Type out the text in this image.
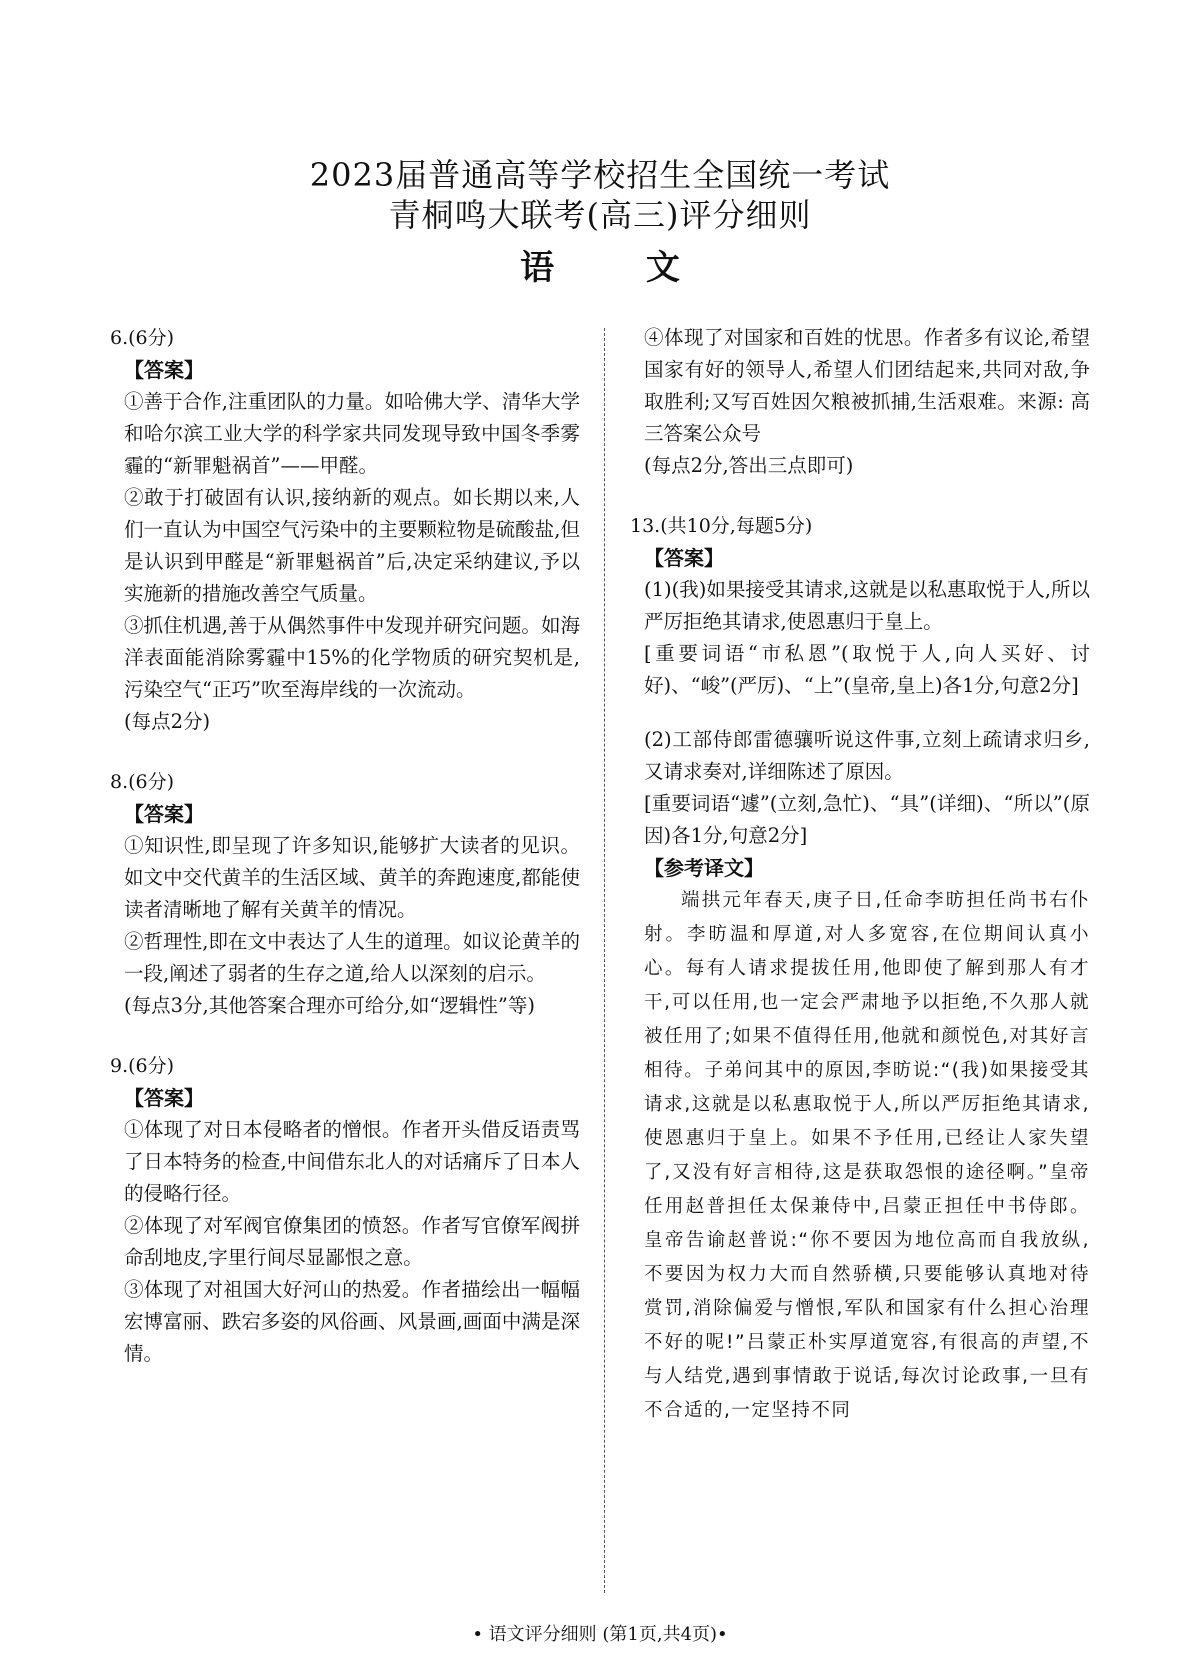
2023届普通高等学校招生全国统一考试
青桐鸣大联考(高三)评分细则
语 文

6.(6分)

【答案】

①善于合作,注重团队的力量。如哈佛大学、清华大学和哈尔滨工业大学的科学家共同发现导致中国冬季雾霾的“新罪魁祸首”——甲醛。

②敢于打破固有认识,接纳新的观点。如长期以来,人们一直认为中国空气污染中的主要颗粒物是硫酸盐,但是认识到甲醛是“新罪魁祸首”后,决定采纳建议,予以实施新的措施改善空气质量。

③抓住机遇,善于从偶然事件中发现并研究问题。如海洋表面能消除雾霾中15%的化学物质的研究契机是,污染空气“正巧”吹至海岸线的一次流动。

(每点2分)

8.(6分)

【答案】

①知识性,即呈现了许多知识,能够扩大读者的见识。如文中交代黄羊的生活区域、黄羊的奔跑速度,都能使读者清晰地了解有关黄羊的情况。

②哲理性,即在文中表达了人生的道理。如议论黄羊的一段,阐述了弱者的生存之道,给人以深刻的启示。

(每点3分,其他答案合理亦可给分,如“逻辑性”等)

9.(6分)

【答案】

①体现了对日本侵略者的憎恨。作者开头借反语责骂了日本特务的检查,中间借东北人的对话痛斥了日本人的侵略行径。

②体现了对军阀官僚集团的愤怒。作者写官僚军阀拼命刮地皮,字里行间尽显鄙恨之意。

③体现了对祖国大好河山的热爱。作者描绘出一幅幅宏博富丽、跌宕多姿的风俗画、风景画,画面中满是深情。

④体现了对国家和百姓的忧思。作者多有议论,希望国家有好的领导人,希望人们团结起来,共同对敌,争取胜利;又写百姓因欠粮被抓捕,生活艰难。来源: 高三答案公众号

(每点2分,答出三点即可)

13.(共10分,每题5分)

【答案】

(1)(我)如果接受其请求,这就是以私惠取悦于人,所以严厉拒绝其请求,使恩惠归于皇上。

[重要词语“市私恩”(取悦于人,向人买好、讨好)、“峻”(严厉)、“上”(皇帝,皇上)各1分,句意2分]

(2)工部侍郎雷德骧听说这件事,立刻上疏请求归乡,又请求奏对,详细陈述了原因。

[重要词语“遽”(立刻,急忙)、“具”(详细)、“所以”(原因)各1分,句意2分]

【参考译文】

端拱元年春天,庚子日,任命李昉担任尚书右仆射。李昉温和厚道,对人多宽容,在位期间认真小心。每有人请求提拔任用,他即使了解到那人有才干,可以任用,也一定会严肃地予以拒绝,不久那人就被任用了;如果不值得任用,他就和颜悦色,对其好言相待。子弟问其中的原因,李昉说:“(我)如果接受其请求,这就是以私惠取悦于人,所以严厉拒绝其请求,使恩惠归于皇上。如果不予任用,已经让人家失望了,又没有好言相待,这是获取怨恨的途径啊。”皇帝任用赵普担任太保兼侍中,吕蒙正担任中书侍郎。皇帝告谕赵普说:“你不要因为地位高而自我放纵,不要因为权力大而自然骄横,只要能够认真地对待赏罚,消除偏爱与憎恨,军队和国家有什么担心治理不好的呢!”吕蒙正朴实厚道宽容,有很高的声望,不与人结党,遇到事情敢于说话,每次讨论政事,一旦有不合适的,一定坚持不同

• 语文评分细则 (第1页,共4页)•
